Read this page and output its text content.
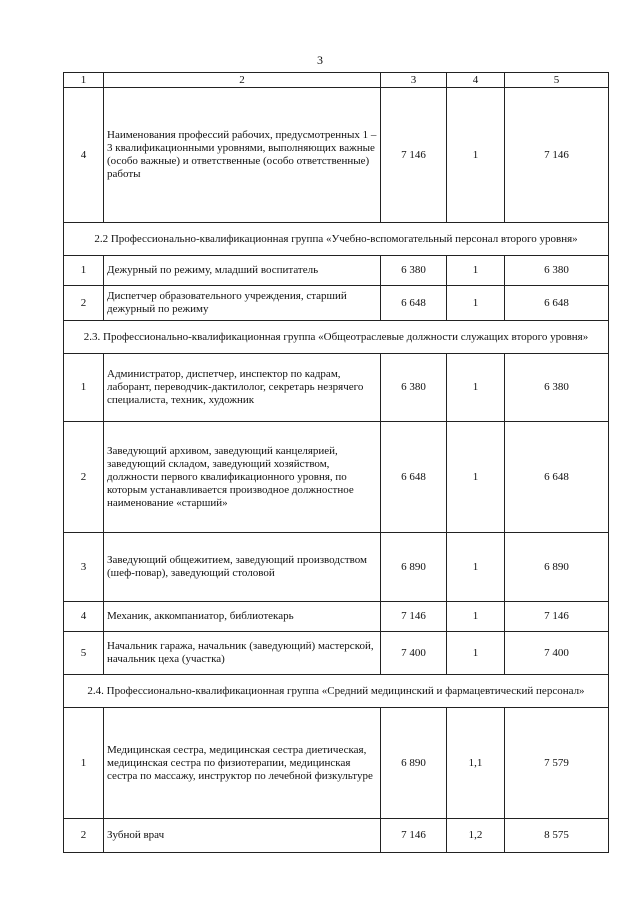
3
1	2	3	4	5
4	Наименования профессий рабочих, предусмотренных 1 – 3 квалификационными уровнями, выполняющих важные (особо важные) и ответственные (особо ответственные) работы	7 146	1	7 146
2.2 Профессионально-квалификационная группа «Учебно-вспомогательный персонал второго уровня»				
1	Дежурный по режиму, младший воспитатель	6 380	1	6 380
2	Диспетчер образовательного учреждения, старший дежурный по режиму	6 648	1	6 648
2.3. Профессионально-квалификационная группа «Общеотраслевые должности служащих второго уровня»				
1	Администратор, диспетчер, инспектор по кадрам, лаборант, переводчик-дактилолог, секретарь незрячего специалиста, техник, художник	6 380	1	6 380
2	Заведующий архивом, заведующий канцелярией, заведующий складом, заведующий хозяйством, должности первого квалификационного уровня, по которым устанавливается производное должностное наименование «старший»	6 648	1	6 648
3	Заведующий общежитием, заведующий производством (шеф-повар), заведующий столовой	6 890	1	6 890
4	Механик, аккомпаниатор, библиотекарь	7 146	1	7 146
5	Начальник гаража, начальник (заведующий) мастерской, начальник цеха (участка)	7 400	1	7 400
2.4. Профессионально-квалификационная группа «Средний медицинский и фармацевтический персонал»				
1	Медицинская сестра, медицинская сестра диетическая, медицинская сестра по физиотерапии, медицинская сестра по массажу, инструктор по лечебной физкультуре	6 890	1,1	7 579
2	Зубной врач	7 146	1,2	8 575
